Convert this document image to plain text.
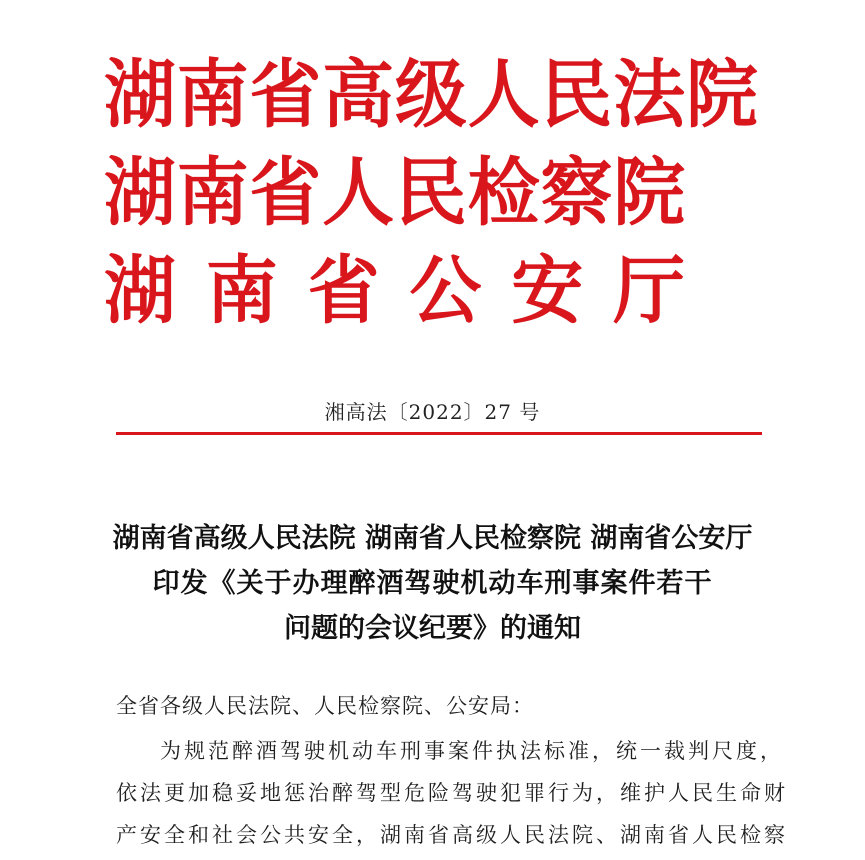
湖南省高级人民法院
湖南省人民检察院
湖南省公安厅
湘高法〔2022〕27 号
湖南省高级人民法院 湖南省人民检察院 湖南省公安厅
印发《关于办理醉酒驾驶机动车刑事案件若干
问题的会议纪要》的通知
全省各级人民法院、人民检察院、公安局：
为规范醉酒驾驶机动车刑事案件执法标准，统一裁判尺度，
依法更加稳妥地惩治醉驾型危险驾驶犯罪行为，维护人民生命财
产安全和社会公共安全，湖南省高级人民法院、湖南省人民检察
